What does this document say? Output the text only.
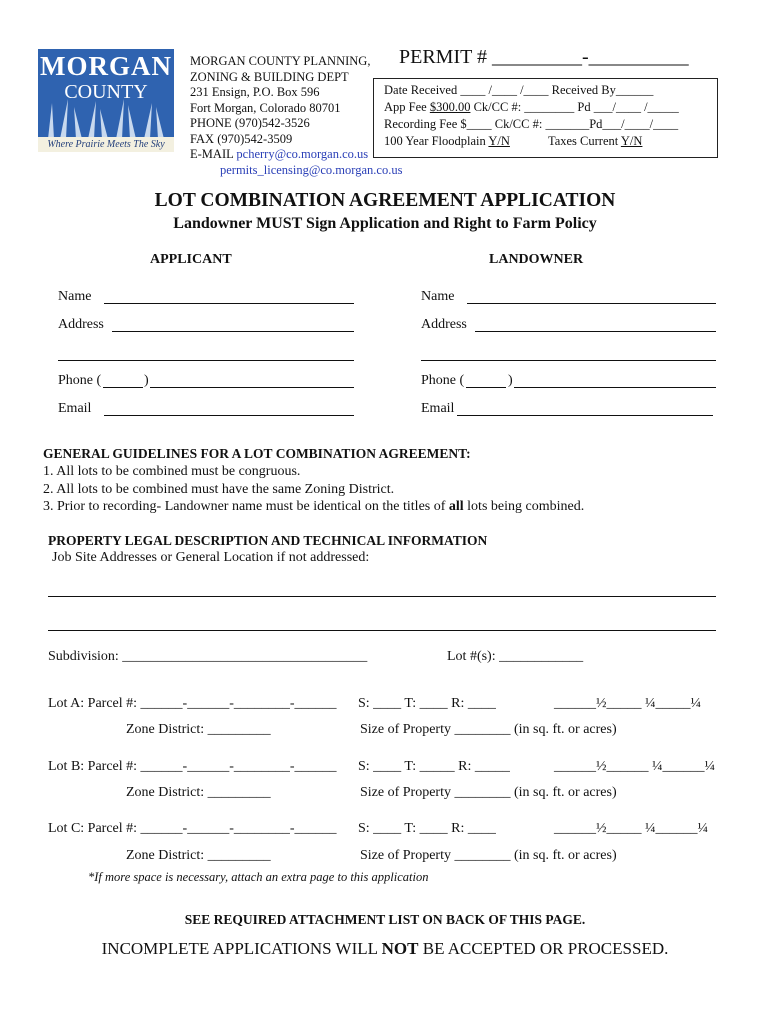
MORGAN
COUNTY
Where Prairie Meets The Sky
MORGAN COUNTY PLANNING,
ZONING & BUILDING DEPT
231 Ensign, P.O. Box 596
Fort Morgan, Colorado 80701
PHONE (970)542-3526
FAX (970)542-3509
E-MAIL pcherry@co.morgan.co.us
permits_licensing@co.morgan.co.us
PERMIT # _________-__________
Date Received ____ /____ /____ Received By______
App Fee $300.00 Ck/CC #: ________ Pd ___/____ /_____
Recording Fee $____ Ck/CC #: _______Pd___/____/____
100 Year Floodplain Y/N	Taxes Current Y/N
LOT COMBINATION AGREEMENT APPLICATION
Landowner MUST Sign Application and Right to Farm Policy
APPLICANT	LANDOWNER
Name
Address
Phone (	)
Email
Name
Address
Phone (	)
Email
GENERAL GUIDELINES FOR A LOT COMBINATION AGREEMENT:
1. All lots to be combined must be congruous.
2. All lots to be combined must have the same Zoning District.
3. Prior to recording- Landowner name must be identical on the titles of all lots being combined.
PROPERTY LEGAL DESCRIPTION AND TECHNICAL INFORMATION
Job Site Addresses or General Location if not addressed:
Subdivision: ___________________________________	Lot #(s): ____________
Lot A: Parcel #: ______-______-________-______ S: ____ T: ____ R: ____	______½_____ ¼_____¼
Zone District: _________	Size of Property ________ (in sq. ft. or acres)
Lot B: Parcel #: ______-______-________-______ S: ____ T: _____ R: _____	______½______ ¼______¼
Zone District: _________	Size of Property ________ (in sq. ft. or acres)
Lot C: Parcel #: ______-______-________-______ S: ____ T: ____ R: ____	______½_____ ¼______¼
Zone District: _________	Size of Property ________ (in sq. ft. or acres)
*If more space is necessary, attach an extra page to this application
SEE REQUIRED ATTACHMENT LIST ON BACK OF THIS PAGE.
INCOMPLETE APPLICATIONS WILL NOT BE ACCEPTED OR PROCESSED.
